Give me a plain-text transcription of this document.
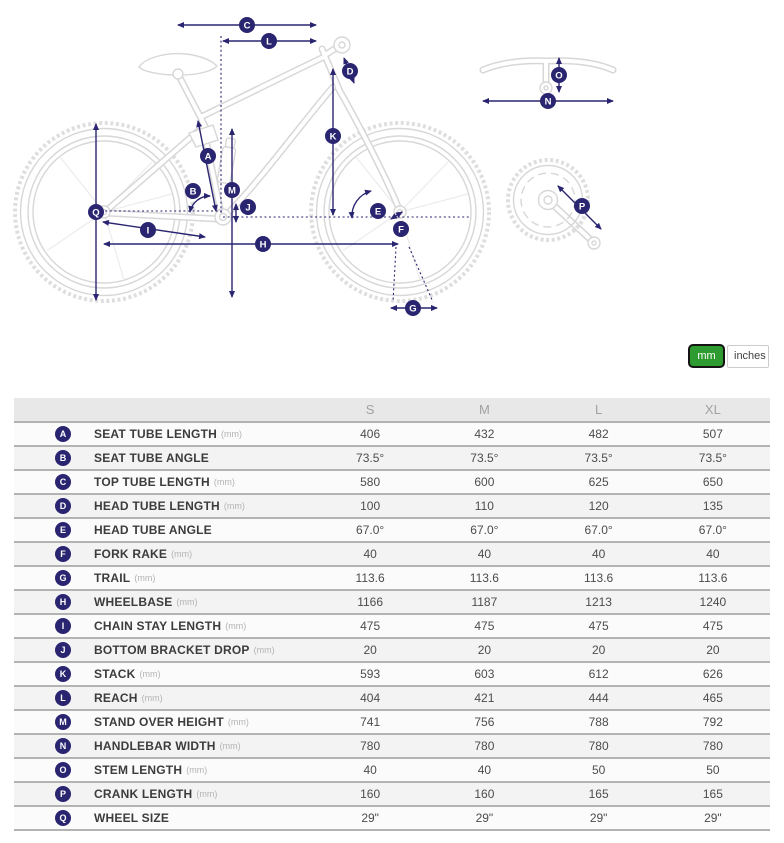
A
B
C
D
E
F
G
H
I
J
K
L
M
N
O
P
Q
mm	inches
S	M	L	XL
A	SEAT TUBE LENGTH (mm)	406	432	482	507
B	SEAT TUBE ANGLE	73.5°	73.5°	73.5°	73.5°
C	TOP TUBE LENGTH (mm)	580	600	625	650
D	HEAD TUBE LENGTH (mm)	100	110	120	135
E	HEAD TUBE ANGLE	67.0°	67.0°	67.0°	67.0°
F	FORK RAKE (mm)	40	40	40	40
G	TRAIL (mm)	113.6	113.6	113.6	113.6
H	WHEELBASE (mm)	1166	1187	1213	1240
I	CHAIN STAY LENGTH (mm)	475	475	475	475
J	BOTTOM BRACKET DROP (mm)	20	20	20	20
K	STACK (mm)	593	603	612	626
L	REACH (mm)	404	421	444	465
M	STAND OVER HEIGHT (mm)	741	756	788	792
N	HANDLEBAR WIDTH (mm)	780	780	780	780
O	STEM LENGTH (mm)	40	40	50	50
P	CRANK LENGTH (mm)	160	160	165	165
Q	WHEEL SIZE	29"	29"	29"	29"
